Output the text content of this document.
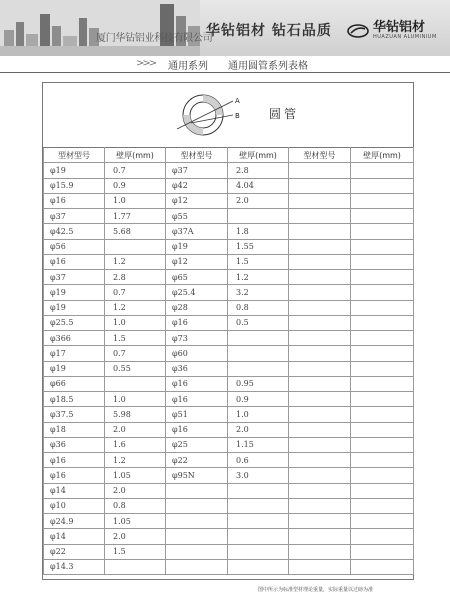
厦门华钻铝业科技有限公司
华钻铝材 钻石品质	华钻铝材
HUAZUAN ALUMINIUM
>>> 通用系列 通用圆管系列表格
A
B 圆管
型材型号	壁厚(mm)	型材型号	壁厚(mm)	型材型号	壁厚(mm)
φ19	0.7	φ37	2.8		
φ15.9	0.9	φ42	4.04		
φ16	1.0	φ12	2.0		
φ37	1.77	φ55			
φ42.5	5.68	φ37A	1.8		
φ56		φ19	1.55		
φ16	1.2	φ12	1.5		
φ37	2.8	φ65	1.2		
φ19	0.7	φ25.4	3.2		
φ19	1.2	φ28	0.8		
φ25.5	1.0	φ16	0.5		
φ366	1.5	φ73			
φ17	0.7	φ60			
φ19	0.55	φ36			
φ66		φ16	0.95		
φ18.5	1.0	φ16	0.9		
φ37.5	5.98	φ51	1.0		
φ18	2.0	φ16	2.0		
φ36	1.6	φ25	1.15		
φ16	1.2	φ22	0.6		
φ16	1.05	φ95N	3.0		
φ14	2.0				
φ10	0.8				
φ24.9	1.05				
φ14	2.0				
φ22	1.5				
φ14.3					
图中所示为标准型材理论重量，实际重量以过磅为准
